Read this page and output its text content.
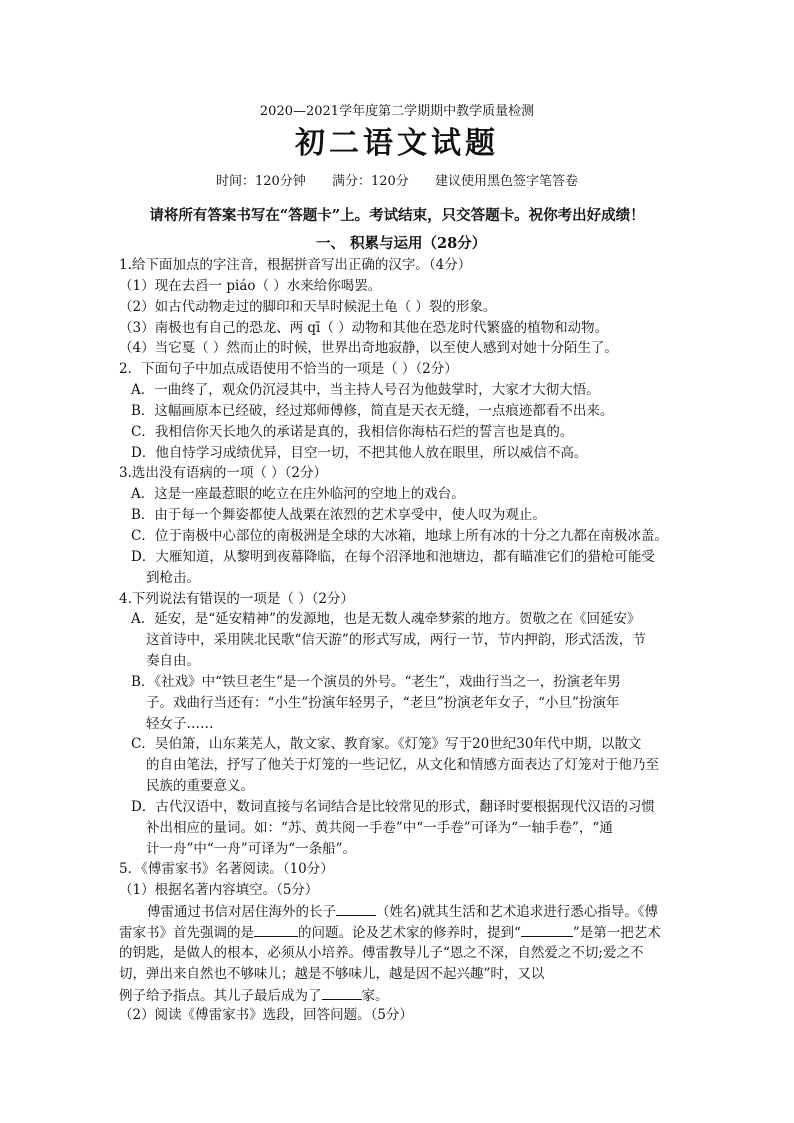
2020—2021学年度第二学期期中教学质量检测
初二语文试题
时间：120分钟 满分：120分 建议使用黑色签字笔答卷
请将所有答案书写在“答题卡”上。考试结束，只交答题卡。祝你考出好成绩！
一、 积累与运用（28分）
1.给下面加点的字注音，根据拼音写出正确的汉字。（4分）
（1）现在去舀一 piáo（ ）水来给你喝罢。
（2）如古代动物走过的脚印和天旱时候泥土龟（ ）裂的形象。
（3）南极也有自己的恐龙、两 qī（ ）动物和其他在恐龙时代繁盛的植物和动物。
（4）当它戛（ ）然而止的时候，世界出奇地寂静，以至使人感到对她十分陌生了。
2．下面句子中加点成语使用不恰当的一项是（ ）（2分）
A．一曲终了，观众仍沉浸其中，当主持人号召为他鼓掌时，大家才大彻大悟。
B．这幅画原本已经破，经过郑师傅修，简直是天衣无缝，一点痕迹都看不出来。
C．我相信你天长地久的承诺是真的，我相信你海枯石烂的誓言也是真的。
D．他自恃学习成绩优异，目空一切，不把其他人放在眼里，所以威信不高。
3.选出没有语病的一项（ ）（2分）
A．这是一座最惹眼的屹立在庄外临河的空地上的戏台。
B．由于每一个舞姿都使人战栗在浓烈的艺术享受中，使人叹为观止。
C．位于南极中心部位的南极洲是全球的大冰箱，地球上所有冰的十分之九都在南极冰盖。
D．大雁知道，从黎明到夜幕降临，在每个沼泽地和池塘边，都有瞄准它们的猎枪可能受
到枪击。
4.下列说法有错误的一项是（ ）（2分）
A．延安，是“延安精神”的发源地，也是无数人魂牵梦萦的地方。贺敬之在《回延安》
这首诗中，采用陕北民歌“信天游”的形式写成，两行一节，节内押韵，形式活泼，节
奏自由。
B．《社戏》中“铁旦老生”是一个演员的外号。“老生”，戏曲行当之一，扮演老年男
子。戏曲行当还有：“小生”扮演年轻男子，“老旦”扮演老年女子，“小旦”扮演年
轻女子……
C．吴伯箫，山东莱芜人，散文家、教育家。《灯笼》写于20世纪30年代中期，以散文
的自由笔法，抒写了他关于灯笼的一些记忆，从文化和情感方面表达了灯笼对于他乃至
民族的重要意义。
D．古代汉语中，数词直接与名词结合是比较常见的形式，翻译时要根据现代汉语的习惯
补出相应的量词。如：“苏、黄共阅一手卷”中“一手卷”可译为“一轴手卷”，“通
计一舟”中“一舟”可译为“一条船”。
5．《傅雷家书》名著阅读。（10分）
（1）根据名著内容填空。（5分）
傅雷通过书信对居住海外的长子	（姓名)就其生活和艺术追求进行悉心指导。《傅
雷家书》首先强调的是	的问题。论及艺术家的修养时，提到“	”是第一把艺术
的钥匙，是做人的根本，必须从小培养。傅雷教导儿子“恩之不深，自然爱之不切;爱之不
切，弹出来自然也不够味儿；越是不够味儿，越是因不起兴趣”时，又以
例子给予指点。其儿子最后成为了	家。
（2）阅读《傅雷家书》选段，回答问题。（5分）
